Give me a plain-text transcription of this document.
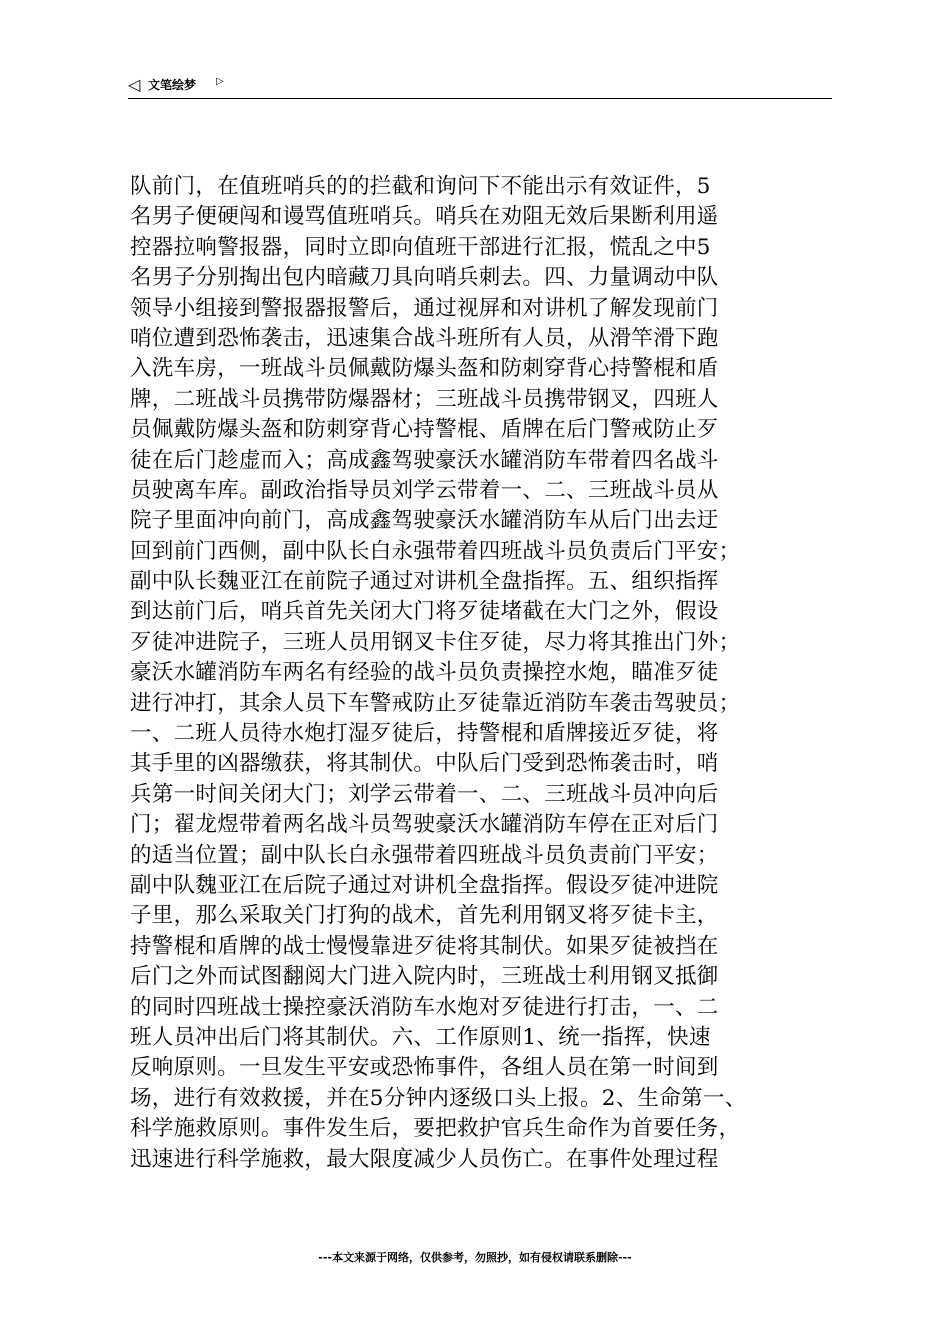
◁ 文笔绘梦 ▷
队前门，在值班哨兵的的拦截和询问下不能出示有效证件，5
名男子便硬闯和谩骂值班哨兵。哨兵在劝阻无效后果断利用遥
控器拉响警报器，同时立即向值班干部进行汇报，慌乱之中5
名男子分别掏出包内暗藏刀具向哨兵刺去。四、力量调动中队
领导小组接到警报器报警后，通过视屏和对讲机了解发现前门
哨位遭到恐怖袭击，迅速集合战斗班所有人员，从滑竿滑下跑
入洗车房，一班战斗员佩戴防爆头盔和防刺穿背心持警棍和盾
牌，二班战斗员携带防爆器材；三班战斗员携带钢叉，四班人
员佩戴防爆头盔和防刺穿背心持警棍、盾牌在后门警戒防止歹
徒在后门趁虚而入；高成鑫驾驶豪沃水罐消防车带着四名战斗
员驶离车库。副政治指导员刘学云带着一、二、三班战斗员从
院子里面冲向前门，高成鑫驾驶豪沃水罐消防车从后门出去迂
回到前门西侧，副中队长白永强带着四班战斗员负责后门平安；
副中队长魏亚江在前院子通过对讲机全盘指挥。五、组织指挥
到达前门后，哨兵首先关闭大门将歹徒堵截在大门之外，假设
歹徒冲进院子，三班人员用钢叉卡住歹徒，尽力将其推出门外；
豪沃水罐消防车两名有经验的战斗员负责操控水炮，瞄准歹徒
进行冲打，其余人员下车警戒防止歹徒靠近消防车袭击驾驶员；
一、二班人员待水炮打湿歹徒后，持警棍和盾牌接近歹徒，将
其手里的凶器缴获，将其制伏。中队后门受到恐怖袭击时，哨
兵第一时间关闭大门；刘学云带着一、二、三班战斗员冲向后
门；翟龙煜带着两名战斗员驾驶豪沃水罐消防车停在正对后门
的适当位置；副中队长白永强带着四班战斗员负责前门平安；
副中队魏亚江在后院子通过对讲机全盘指挥。假设歹徒冲进院
子里，那么采取关门打狗的战术，首先利用钢叉将歹徒卡主，
持警棍和盾牌的战士慢慢靠进歹徒将其制伏。如果歹徒被挡在
后门之外而试图翻阅大门进入院内时，三班战士利用钢叉抵御
的同时四班战士操控豪沃消防车水炮对歹徒进行打击，一、二
班人员冲出后门将其制伏。六、工作原则1、统一指挥，快速
反响原则。一旦发生平安或恐怖事件，各组人员在第一时间到
场，进行有效救援，并在5分钟内逐级口头上报。2、生命第一、
科学施救原则。事件发生后，要把救护官兵生命作为首要任务，
迅速进行科学施救，最大限度减少人员伤亡。在事件处理过程
---本文来源于网络，仅供参考，勿照抄，如有侵权请联系删除---
